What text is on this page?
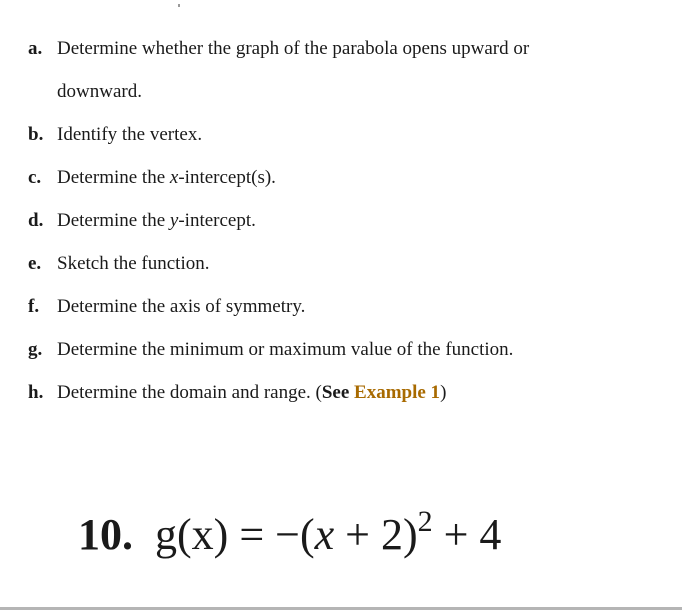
a. Determine whether the graph of the parabola opens upward or
downward.
b. Identify the vertex.
c. Determine the x-intercept(s).
d. Determine the y-intercept.
e. Sketch the function.
f. Determine the axis of symmetry.
g. Determine the minimum or maximum value of the function.
h. Determine the domain and range. (See Example 1)
10. $g(x) = -(x + 2)^2 + 4$
